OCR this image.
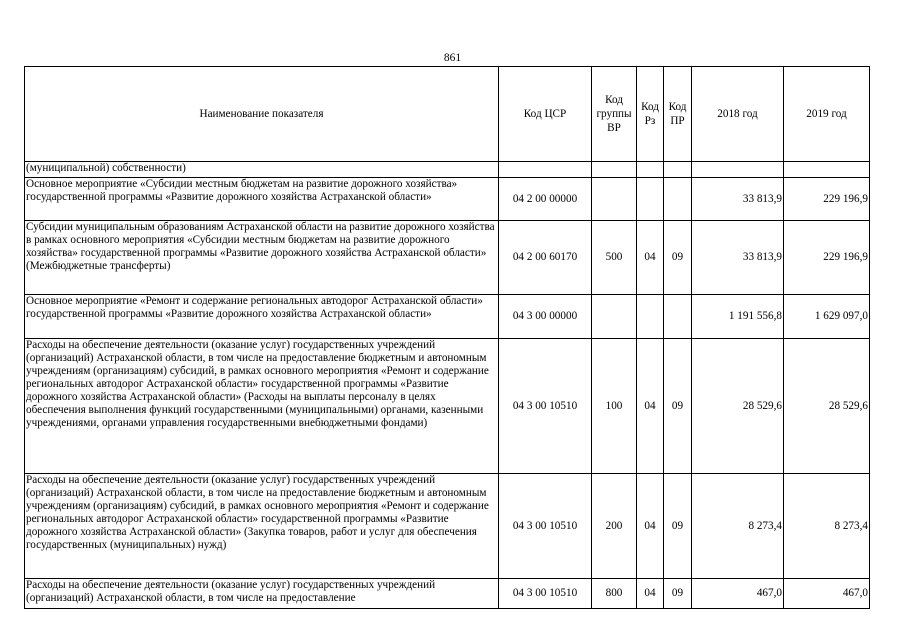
861
Наименование показателя	Код ЦСР	Код группы ВР	Код Рз	Код ПР	2018 год	2019 год
(муниципальной) собственности)						
Основное мероприятие «Субсидии местным бюджетам на развитие дорожного хозяйства» государственной программы «Развитие дорожного хозяйства Астраханской области»	04 2 00 00000				33 813,9	229 196,9
Субсидии муниципальным образованиям Астраханской области на развитие дорожного хозяйства в рамках основного мероприятия «Субсидии местным бюджетам на развитие дорожного хозяйства» государственной программы «Развитие дорожного хозяйства Астраханской области» (Межбюджетные трансферты)	04 2 00 60170	500	04	09	33 813,9	229 196,9
Основное мероприятие «Ремонт и содержание региональных автодорог Астраханской области» государственной программы «Развитие дорожного хозяйства Астраханской области»	04 3 00 00000				1 191 556,8	1 629 097,0
Расходы на обеспечение деятельности (оказание услуг) государственных учреждений (организаций) Астраханской области, в том числе на предоставление бюджетным и автономным учреждениям (организациям) субсидий, в рамках основного мероприятия «Ремонт и содержание региональных автодорог Астраханской области» государственной программы «Развитие дорожного хозяйства Астраханской области» (Расходы на выплаты персоналу в целях обеспечения выполнения функций государственными (муниципальными) органами, казенными учреждениями, органами управления государственными внебюджетными фондами)	04 3 00 10510	100	04	09	28 529,6	28 529,6
Расходы на обеспечение деятельности (оказание услуг) государственных учреждений (организаций) Астраханской области, в том числе на предоставление бюджетным и автономным учреждениям (организациям) субсидий, в рамках основного мероприятия «Ремонт и содержание региональных автодорог Астраханской области» государственной программы «Развитие дорожного хозяйства Астраханской области» (Закупка товаров, работ и услуг для обеспечения государственных (муниципальных) нужд)	04 3 00 10510	200	04	09	8 273,4	8 273,4
Расходы на обеспечение деятельности (оказание услуг) государственных учреждений (организаций) Астраханской области, в том числе на предоставление	04 3 00 10510	800	04	09	467,0	467,0
